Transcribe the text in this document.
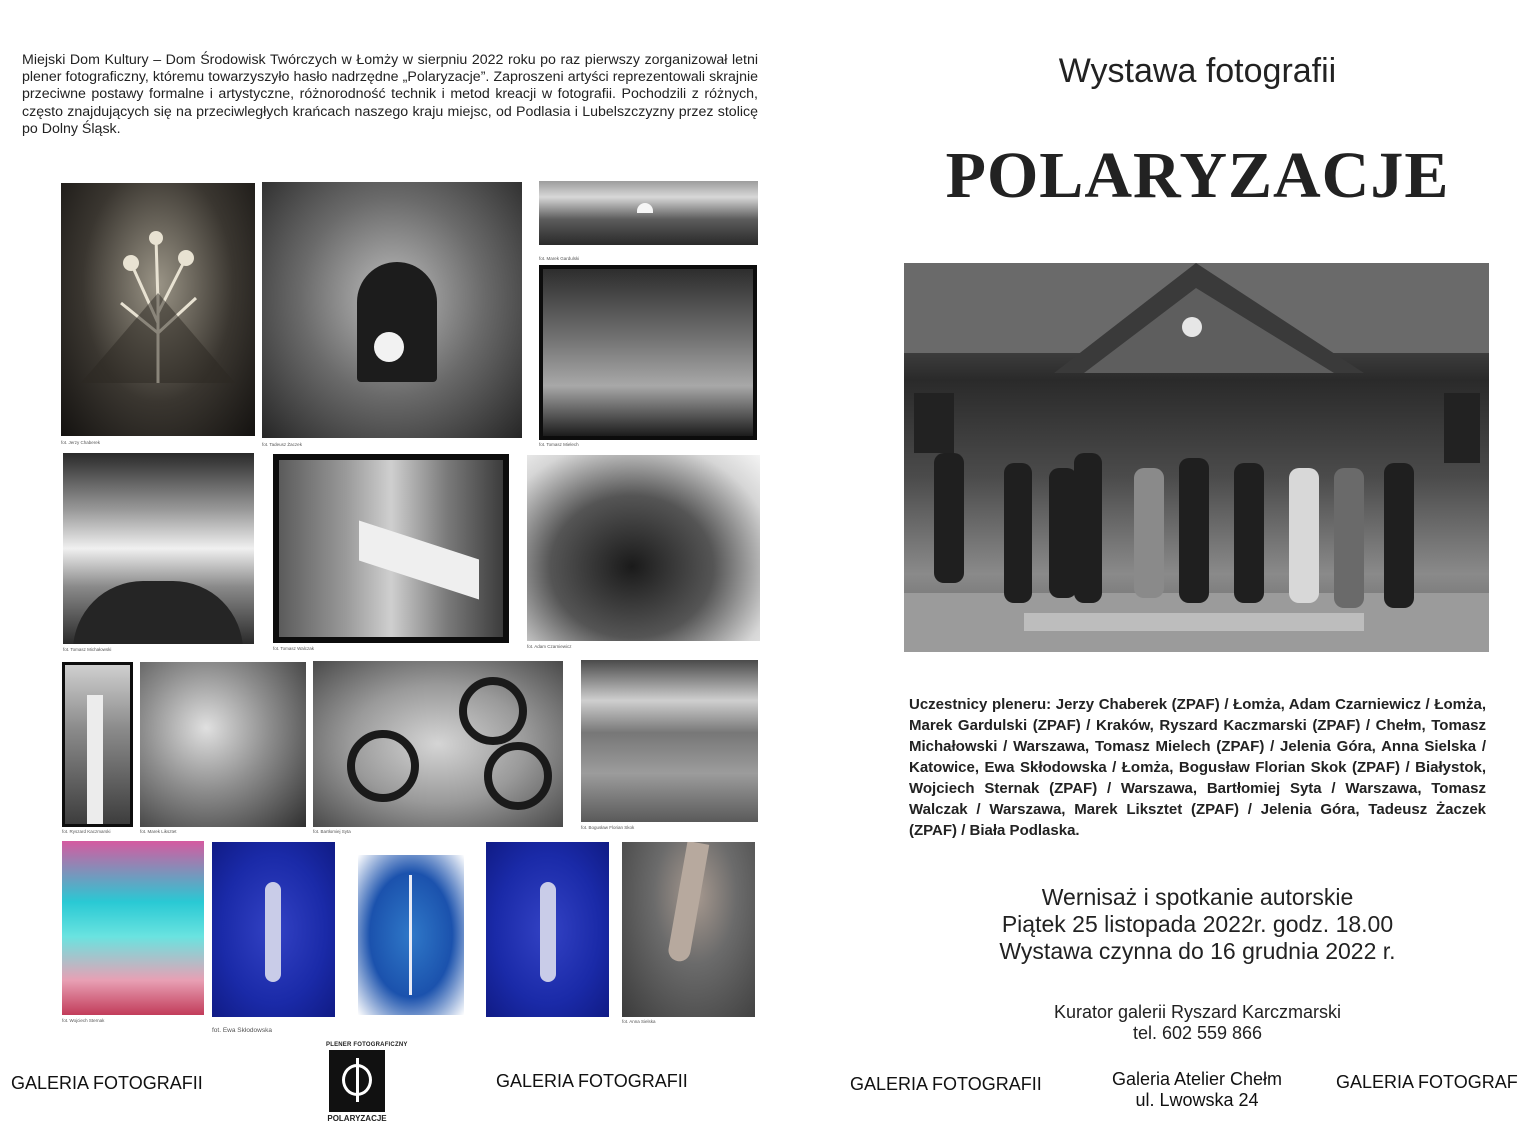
Miejski Dom Kultury – Dom Środowisk Twórczych w Łomży w sierpniu 2022 roku po raz pierwszy zorganizował letni plener fotograficzny, któremu towarzyszyło hasło nadrzędne „Polaryzacje”. Zaproszeni artyści reprezentowali skrajnie przeciwne postawy formalne i artystyczne, różnorodność technik i metod kreacji w fotografii. Pochodzili z różnych, często znajdujących się na przeciwległych krańcach naszego kraju miejsc, od Podlasia i Lubelszczyzny przez stolicę po Dolny Śląsk.
fot. Jerzy Chaberek	fot. Tadeusz Żaczek
fot. Marek Gardulski
fot. Tomasz Mielech
fot. Tomasz Michałowski	fot. Tomasz Walczak	fot. Adam Czarniewicz
fot. Ryszard Kaczmarski	fot. Marek Liksztet	fot. Bartłomiej Syta
fot. Bogusław Florian Skok
fot. Wojciech Sternak
fot. Ewa Skłodowska
fot. Anna Sielska
GALERIA FOTOGRAFII
PLENER FOTOGRAFICZNY
POLARYZACJE
GALERIA FOTOGRAFII
Wystawa fotografii
POLARYZACJE
Uczestnicy pleneru: Jerzy Chaberek (ZPAF) / Łomża, Adam Czarniewicz / Łomża, Marek Gardulski (ZPAF) / Kraków, Ryszard Kaczmarski (ZPAF) / Chełm, Tomasz Michałowski / Warszawa, Tomasz Mielech (ZPAF) / Jelenia Góra, Anna Sielska / Katowice, Ewa Skłodowska / Łomża, Bogusław Florian Skok (ZPAF) / Białystok, Wojciech Sternak (ZPAF) / Warszawa, Bartłomiej Syta / Warszawa, Tomasz Walczak / Warszawa, Marek Liksztet (ZPAF) / Jelenia Góra, Tadeusz Żaczek (ZPAF) / Biała Podlaska.
Wernisaż i spotkanie autorskie
Piątek 25 listopada 2022r. godz. 18.00
Wystawa czynna do 16 grudnia 2022 r.
Kurator galerii Ryszard Karczmarski
tel. 602 559 866
GALERIA FOTOGRAFII	Galeria Atelier Chełm
ul. Lwowska 24
GALERIA FOTOGRAF
